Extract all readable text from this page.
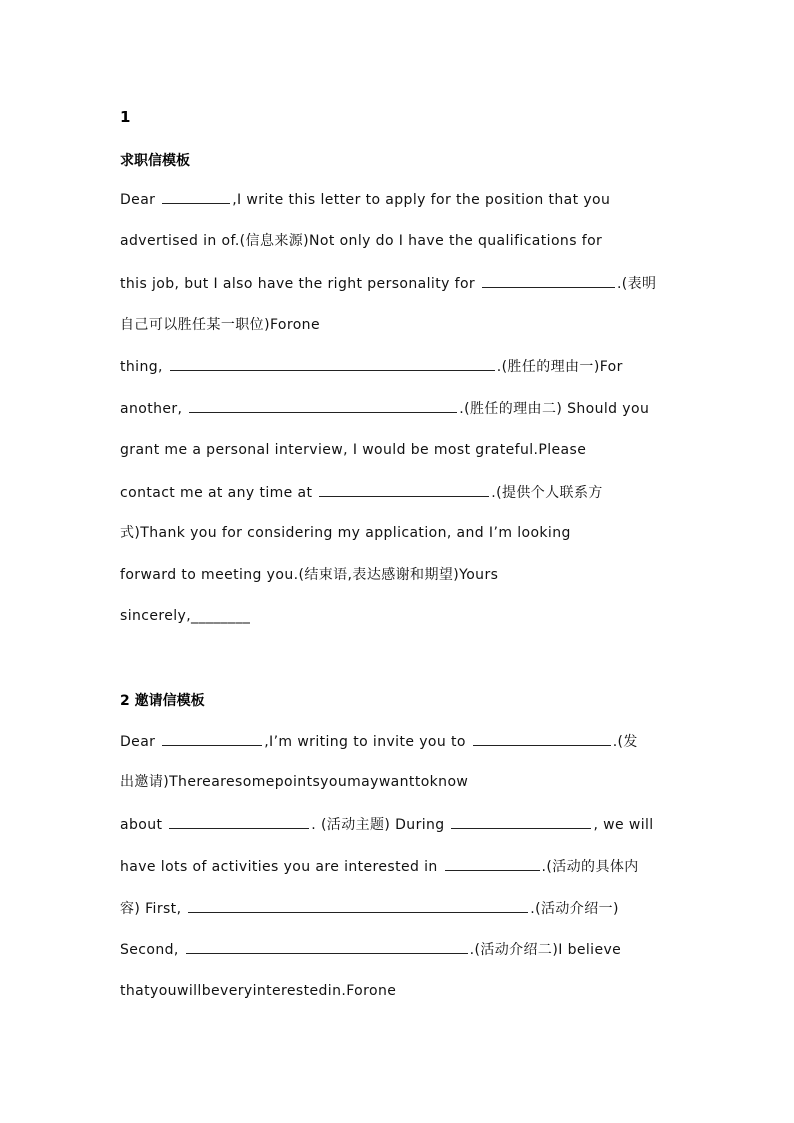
1
求职信模板
Dear	,I write this letter to apply for the position that you
advertised in of.(信息来源)Not only do I have the qualifications for
this job, but I also have the right personality for	.(表明
自己可以胜任某一职位)Forone
thing,	.(胜任的理由一)For
another,	.(胜任的理由二) Should you
grant me a personal interview, I would be most grateful.Please
contact me at any time at	.(提供个人联系方
式)Thank you for considering my application, and I’m looking
forward to meeting you.(结束语,表达感谢和期望)Yours
sincerely,________
2 邀请信模板
Dear	,I’m writing to invite you to	.(发
出邀请)Therearesomepointsyoumaywanttoknow
about	. (活动主题) During	, we will
have lots of activities you are interested in	.(活动的具体内
容) First,	.(活动介绍一)
Second,	.(活动介绍二)I believe
thatyouwillbeveryinterestedin.Forone
